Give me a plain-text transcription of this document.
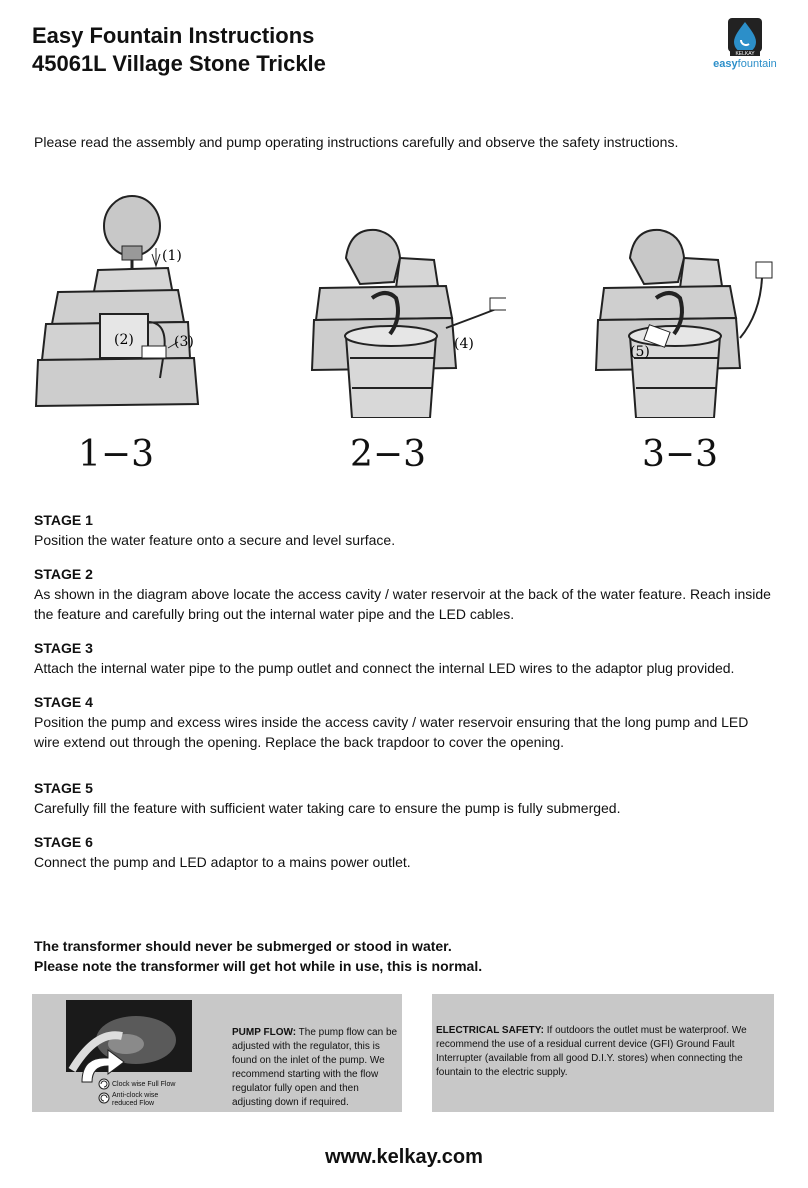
Easy Fountain Instructions
45061L Village Stone Trickle	KELKAY
easyfountain
Please read the assembly and pump operating instructions carefully and observe the safety instructions.
(1)
(2)	(3)
1−3
(4)
2−3
(5)
3−3
STAGE 1
Position the water feature onto a secure and level surface.
STAGE 2
As shown in the diagram above locate the access cavity / water reservoir at the back of the water feature. Reach inside the feature and carefully bring out the internal water pipe and the LED cables.
STAGE 3
Attach the internal water pipe to the pump outlet and connect the internal LED wires to the adaptor plug provided.
STAGE 4
Position the pump and excess wires inside the access cavity / water reservoir ensuring that the long pump and LED wire extend out through the opening. Replace the back trapdoor to cover the opening.
STAGE 5
Carefully fill the feature with sufficient water taking care to ensure the pump is fully submerged.
STAGE 6
Connect the pump and LED adaptor to a mains power outlet.
The transformer should never be submerged or stood in water.
Please note the transformer will get hot while in use, this is normal.
Clock wise Full Flow
Anti-clock wise
reduced Flow
PUMP FLOW: The pump flow can be adjusted with the regulator, this is found on the inlet of the pump. We recommend starting with the flow regulator fully open and then adjusting down if required.
ELECTRICAL SAFETY: If outdoors the outlet must be waterproof. We recommend the use of a residual current device (GFI) Ground Fault Interrupter (available from all good D.I.Y. stores) when connecting the fountain to the electric supply.
www.kelkay.com
